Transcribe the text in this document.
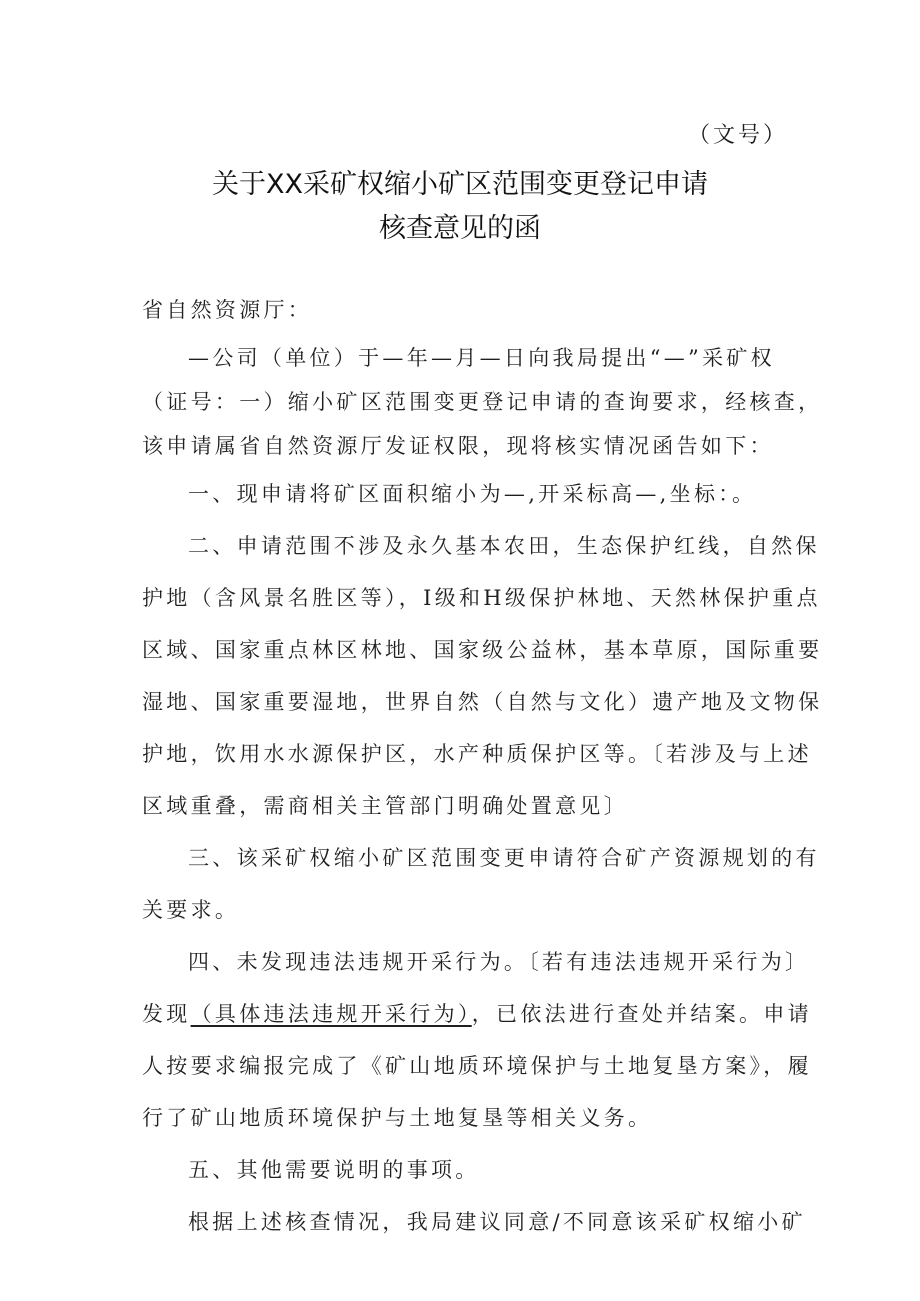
（文号）
关于XX采矿权缩小矿区范围变更登记申请
核查意见的函
省自然资源厅：
—公司（单位）于—年—月—日向我局提出“—”采矿权
（证号：一）缩小矿区范围变更登记申请的查询要求，经核查，
该申请属省自然资源厅发证权限，现将核实情况函告如下：
一、现申请将矿区面积缩小为—,开采标高—,坐标：。
二、申请范围不涉及永久基本农田，生态保护红线，自然保
护地（含风景名胜区等），I级和H级保护林地、天然林保护重点
区域、国家重点林区林地、国家级公益林，基本草原，国际重要
湿地、国家重要湿地，世界自然（自然与文化）遗产地及文物保
护地，饮用水水源保护区，水产种质保护区等。〔若涉及与上述
区域重叠，需商相关主管部门明确处置意见〕
三、该采矿权缩小矿区范围变更申请符合矿产资源规划的有
关要求。
四、未发现违法违规开采行为。〔若有违法违规开采行为〕
发现（具体违法违规开采行为），已依法进行查处并结案。申请
人按要求编报完成了《矿山地质环境保护与土地复垦方案》，履
行了矿山地质环境保护与土地复垦等相关义务。
五、其他需要说明的事项。
根据上述核查情况，我局建议同意/不同意该采矿权缩小矿
